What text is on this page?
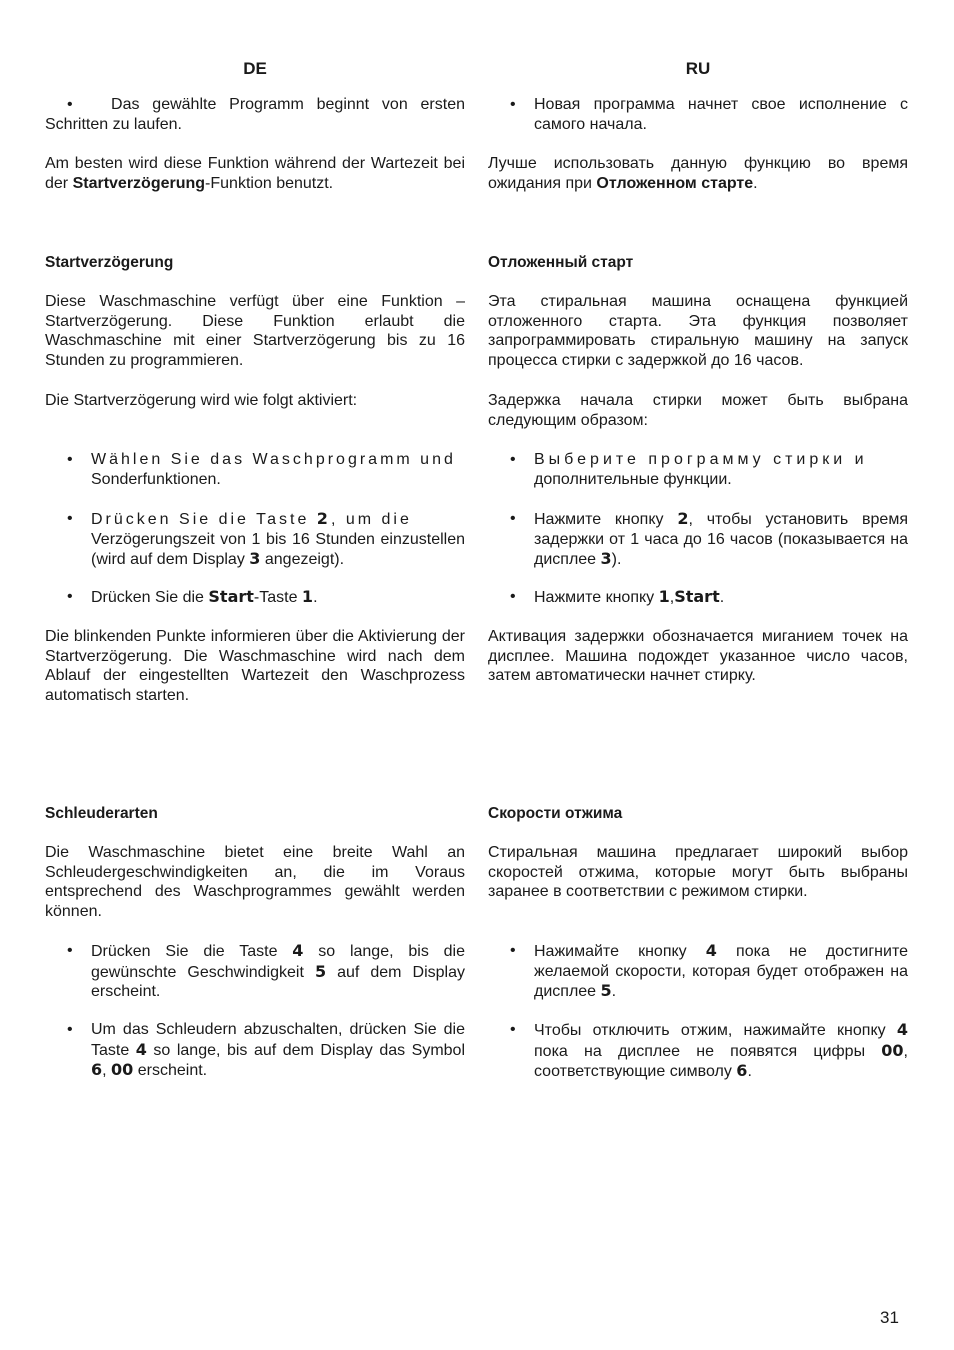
DE
• Das gewählte Programm beginnt von ersten Schritten zu laufen.
Am besten wird diese Funktion während der Wartezeit bei der Startverzögerung-Funktion benutzt.
Startverzögerung
Diese Waschmaschine verfügt über eine Funktion – Startverzögerung. Diese Funktion erlaubt die Waschmaschine mit einer Startverzögerung bis zu 16 Stunden zu programmieren.
Die Startverzögerung wird wie folgt aktiviert:
• Wählen Sie das Waschprogramm und
Sonderfunktionen.
• Drücken Sie die Taste 2, um die
Verzögerungszeit von 1 bis 16 Stunden einzustellen (wird auf dem Display 3 angezeigt).
• Drücken Sie die Start-Taste 1.
Die blinkenden Punkte informieren über die Aktivierung der Startverzögerung. Die Waschmaschine wird nach dem Ablauf der eingestellten Wartezeit den Waschprozess automatisch starten.
Schleuderarten
Die Waschmaschine bietet eine breite Wahl an Schleudergeschwindigkeiten an, die im Voraus entsprechend des Waschprogrammes gewählt werden können.
• Drücken Sie die Taste 4 so lange, bis die gewünschte Geschwindigkeit 5 auf dem Display erscheint.
• Um das Schleudern abzuschalten, drücken Sie die Taste 4 so lange, bis auf dem Display das Symbol 6, 00 erscheint.
RU
• Новая программа начнет свое исполнение с самого начала.
Лучше использовать данную функцию во время ожидания при Отложенном старте.
Отложенный старт
Эта стиральная машина оснащена функцией отложенного старта. Эта функция позволяет запрограммировать стиральную машину на запуск процесса стирки с задержкой до 16 часов.
Задержка начала стирки может быть выбрана следующим образом:
• Выберите программу стирки и
дополнительные функции.
• Нажмите кнопку 2, чтобы установить время задержки от 1 часа до 16 часов (показывается на дисплее 3).
• Нажмите кнопку 1,Start.
Активация задержки обозначается миганием точек на дисплее. Машина подождет указанное число часов, затем автоматически начнет стирку.
Скорости отжима
Стиральная машина предлагает широкий выбор скоростей отжима, которые могут быть выбраны заранее в соответствии с режимом стирки.
• Нажимайте кнопку 4 пока не достигните желаемой скорости, которая будет отображен на дисплее 5.
• Чтобы отключить отжим, нажимайте кнопку 4 пока на дисплее не появятся цифры 00, соответствующие символу 6.
31
